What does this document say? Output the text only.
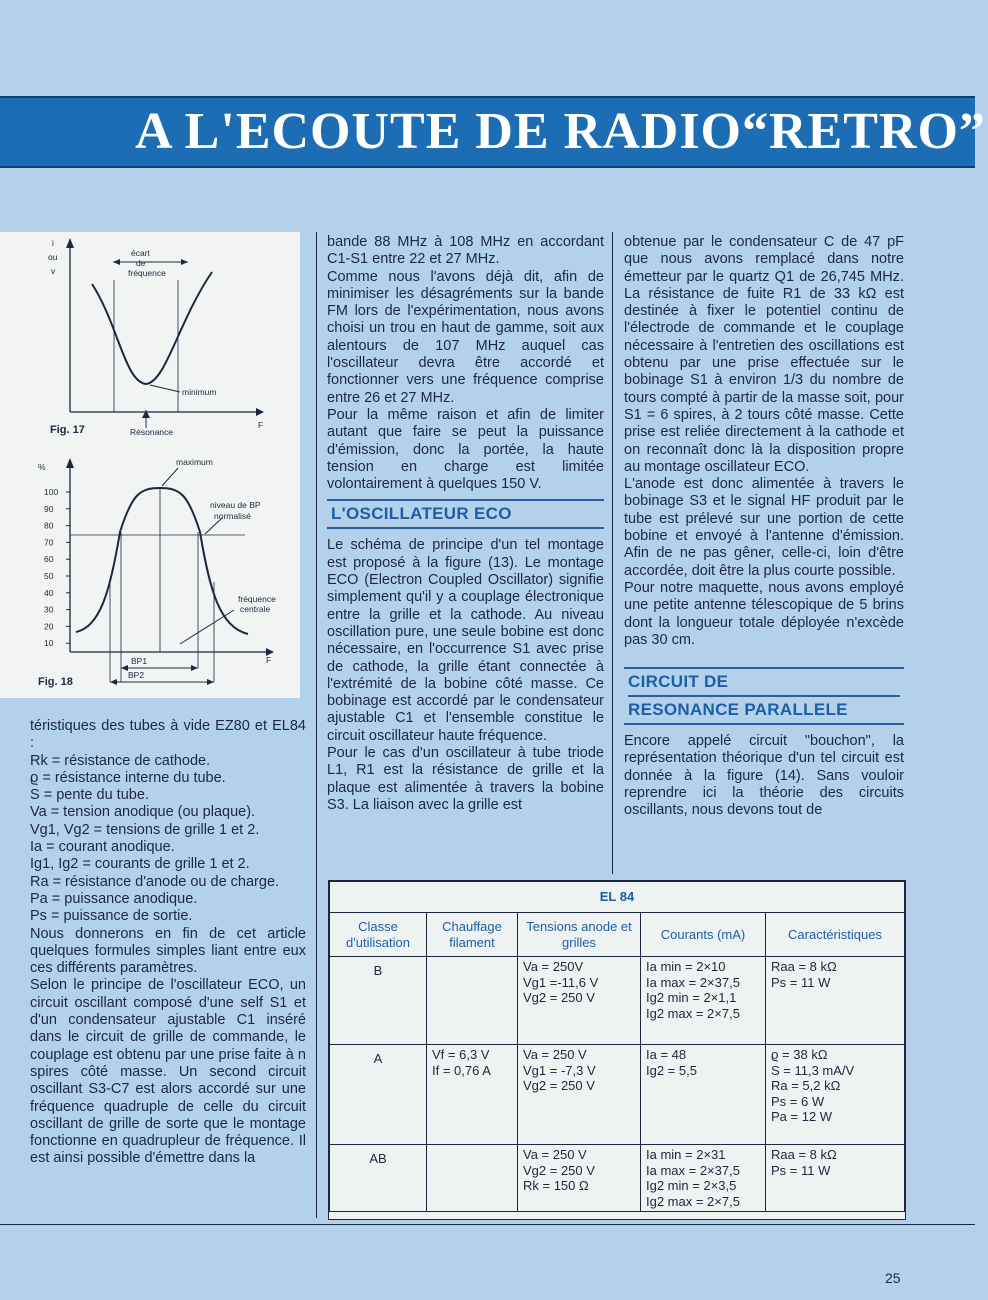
A L'ECOUTE DE RADIO“RETRO”
i
ou
v
F
écart
de
fréquence
minimum
Résonance
Fig. 17
%
F
100
90
80
70
60
50
40
30
20
10
maximum
niveau de BP
normalisé
fréquence
centrale
BP1
BP2
Fig. 18

téristiques des tubes à vide EZ80 et EL84 :

Rk = résistance de cathode.
ϱ = résistance interne du tube.
S = pente du tube.
Va = tension anodique (ou plaque).
Vg1, Vg2 = tensions de grille 1 et 2.
Ia = courant anodique.
Ig1, Ig2 = courants de grille 1 et 2.

Ra = résistance d'anode ou de charge.

Pa = puissance anodique.
Ps = puissance de sortie.

Nous donnerons en fin de cet article quelques formules simples liant entre eux ces différents paramètres.

Selon le principe de l'oscillateur ECO, un circuit oscillant composé d'une self S1 et d'un condensateur ajustable C1 inséré dans le circuit de grille de commande, le couplage est obtenu par une prise faite à n spires côté masse. Un second circuit oscillant S3-C7 est alors accordé sur une fréquence quadruple de celle du circuit oscillant de grille de sorte que le montage fonctionne en quadrupleur de fréquence. Il est ainsi possible d'émettre dans la

bande 88 MHz à 108 MHz en accordant C1-S1 entre 22 et 27 MHz.

Comme nous l'avons déjà dit, afin de minimiser les désagréments sur la bande FM lors de l'expérimentation, nous avons choisi un trou en haut de gamme, soit aux alentours de 107 MHz auquel cas l'oscillateur devra être accordé et fonctionner vers une fréquence comprise entre 26 et 27 MHz.

Pour la même raison et afin de limiter autant que faire se peut la puissance d'émission, donc la portée, la haute tension en charge est limitée volontairement à quelques 150 V.

L'OSCILLATEUR ECO

Le schéma de principe d'un tel montage est proposé à la figure (13). Le montage ECO (Electron Coupled Oscillator) signifie simplement qu'il y a couplage électronique entre la grille et la cathode. Au niveau oscillation pure, une seule bobine est donc nécessaire, en l'occurrence S1 avec prise de cathode, la grille étant connectée à l'extrémité de la bobine côté masse. Ce bobinage est accordé par le condensateur ajustable C1 et l'ensemble constitue le circuit oscillateur haute fréquence.

Pour le cas d'un oscillateur à tube triode L1, R1 est la résistance de grille et la plaque est alimentée à travers la bobine S3. La liaison avec la grille est

obtenue par le condensateur C de 47 pF que nous avons remplacé dans notre émetteur par le quartz Q1 de 26,745 MHz. La résistance de fuite R1 de 33 kΩ est destinée à fixer le potentiel continu de l'électrode de commande et le couplage nécessaire à l'entretien des oscillations est obtenu par une prise effectuée sur le bobinage S1 à environ 1/3 du nombre de tours compté à partir de la masse soit, pour S1 = 6 spires, à 2 tours côté masse. Cette prise est reliée directement à la cathode et on reconnaît donc là la disposition propre au montage oscillateur ECO.

L'anode est donc alimentée à travers le bobinage S3 et le signal HF produit par le tube est prélevé sur une portion de cette bobine et envoyé à l'antenne d'émission. Afin de ne pas gêner, celle-ci, loin d'être accordée, doit être la plus courte possible.

Pour notre maquette, nous avons employé une petite antenne télescopique de 5 brins dont la longueur totale déployée n'excède pas 30 cm.

CIRCUIT DE
RESONANCE PARALLELE

Encore appelé circuit "bouchon", la représentation théorique d'un tel circuit est donnée à la figure (14). Sans vouloir reprendre ici la théorie des circuits oscillants, nous devons tout de

EL 84				
Classe d'utilisation	Chauffage filament	Tensions anode et grilles	Courants (mA)	Caractéristiques
B		Va = 250V
Vg1 =-11,6 V
Vg2 = 250 V	Ia min = 2×10
Ia max = 2×37,5
Ig2 min = 2×1,1
Ig2 max = 2×7,5	Raa = 8 kΩ
Ps = 11 W

A	Vf = 6,3 V
If = 0,76 A	Va = 250 V
Vg1 = -7,3 V
Vg2 = 250 V	Ia = 48
Ig2 = 5,5	ϱ = 38 kΩ
S = 11,3 mA/V
Ra = 5,2 kΩ
Ps = 6 W
Pa = 12 W

AB		Va = 250 V
Vg2 = 250 V
Rk = 150 Ω	Ia min = 2×31
Ia max = 2×37,5
Ig2 min = 2×3,5
Ig2 max = 2×7,5	Raa = 8 kΩ
Ps = 11 W
25
